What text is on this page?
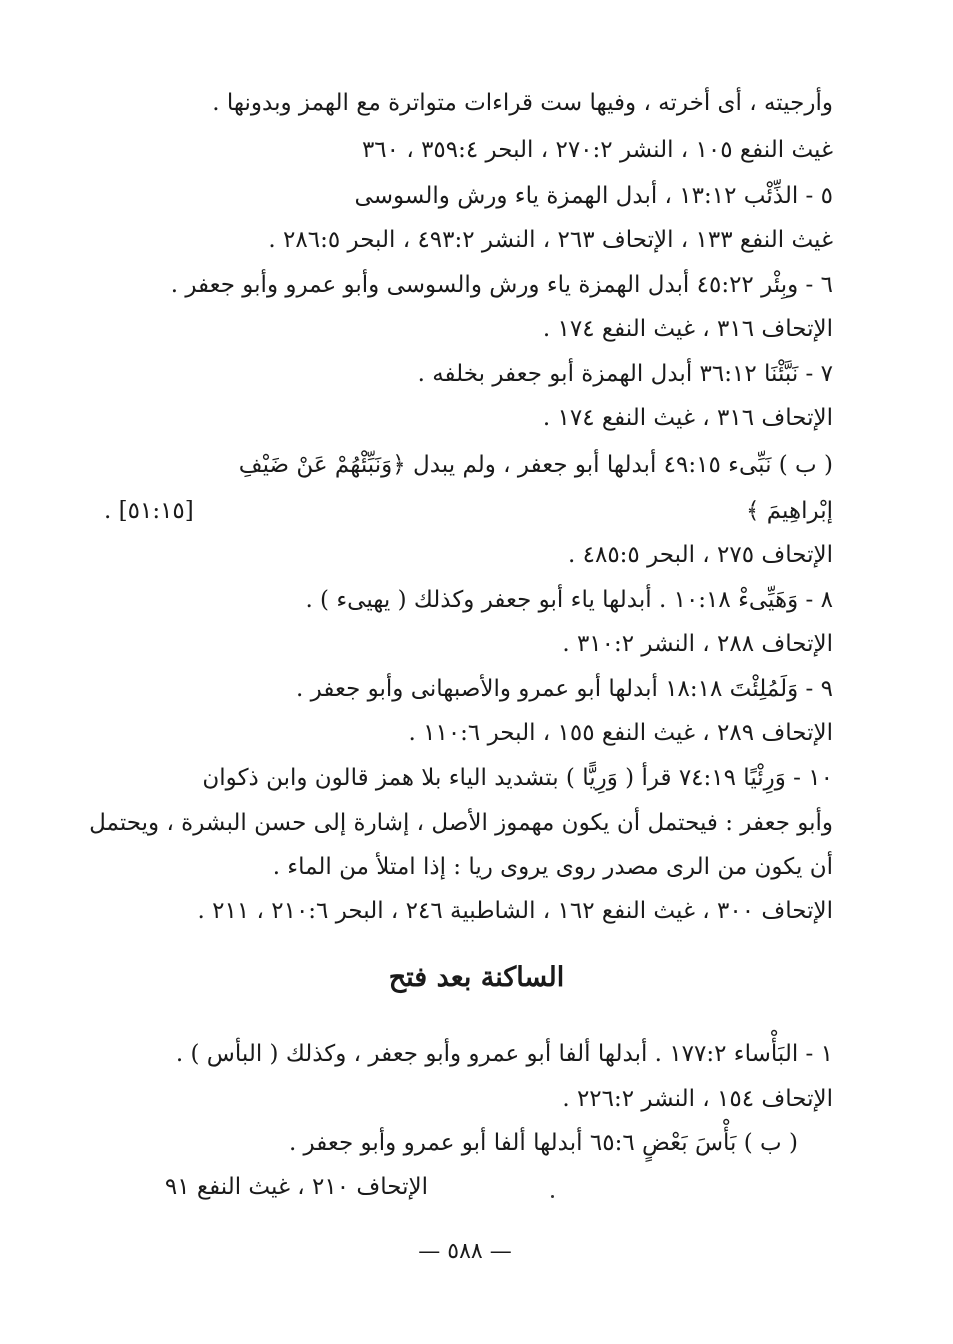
وأرجيته ، أى أخرته ، وفيها ست قراءات متواترة مع الهمز وبدونها .
غيث النفع ١٠٥ ، النشر ٢٧٠:٢ ، البحر ٣٥٩:٤ ، ٣٦٠
٥ - الذِّئْب ١٣:١٢ ، أبدل الهمزة ياء ورش والسوسى
غيث النفع ١٣٣ ، الإتحاف ٢٦٣ ، النشر ٤٩٣:٢ ، البحر ٢٨٦:٥ .
٦ - وبِئْر ٤٥:٢٢ أبدل الهمزة ياء ورش والسوسى وأبو عمرو وأبو جعفر .
الإتحاف ٣١٦ ، غيث النفع ١٧٤ .
٧ - نَبَّئْنَا ٣٦:١٢ أبدل الهمزة أبو جعفر بخلفه .
الإتحاف ٣١٦ ، غيث النفع ١٧٤ .
( ب ) نَبِّىء ٤٩:١٥ أبدلها أبو جعفر ، ولم يبدل ﴿وَنَبِّئْهُمْ عَنْ ضَيْفِ
إبْراهِيمَ ﴾
[٥١:١٥] .
الإتحاف ٢٧٥ ، البحر ٤٨٥:٥ .
٨ - وَهَيِّىءْ ١٠:١٨ . أبدلها ياء أبو جعفر وكذلك ( يهيىء ) .
الإتحاف ٢٨٨ ، النشر ٣١٠:٢ .
٩ - وَلَمُلِئْتَ ١٨:١٨ أبدلها أبو عمرو والأصبهانى وأبو جعفر .
الإتحاف ٢٨٩ ، غيث النفع ١٥٥ ، البحر ١١٠:٦ .
١٠ - وَرِئْيًا ٧٤:١٩ قرأ ( وَرِيًّا ) بتشديد الياء بلا همز قالون وابن ذكوان
وأبو جعفر : فيحتمل أن يكون مهموز الأصل ، إشارة إلى حسن البشرة ، ويحتمل
أن يكون من الرى مصدر روى يروى ريا : إذا امتلأ من الماء .
الإتحاف ٣٠٠ ، غيث النفع ١٦٢ ، الشاطبية ٢٤٦ ، البحر ٢١٠:٦ ، ٢١١ .
الساكنة بعد فتح
١ - البَأْساء ١٧٧:٢ . أبدلها ألفا أبو عمرو وأبو جعفر ، وكذلك ( البأس ) .
الإتحاف ١٥٤ ، النشر ٢٢٦:٢ .
( ب ) بَأْسَ بَعْضٍ ٦٥:٦ أبدلها ألفا أبو عمرو وأبو جعفر .
الإتحاف ٢١٠ ، غيث النفع ٩١
— ٥٨٨ —
